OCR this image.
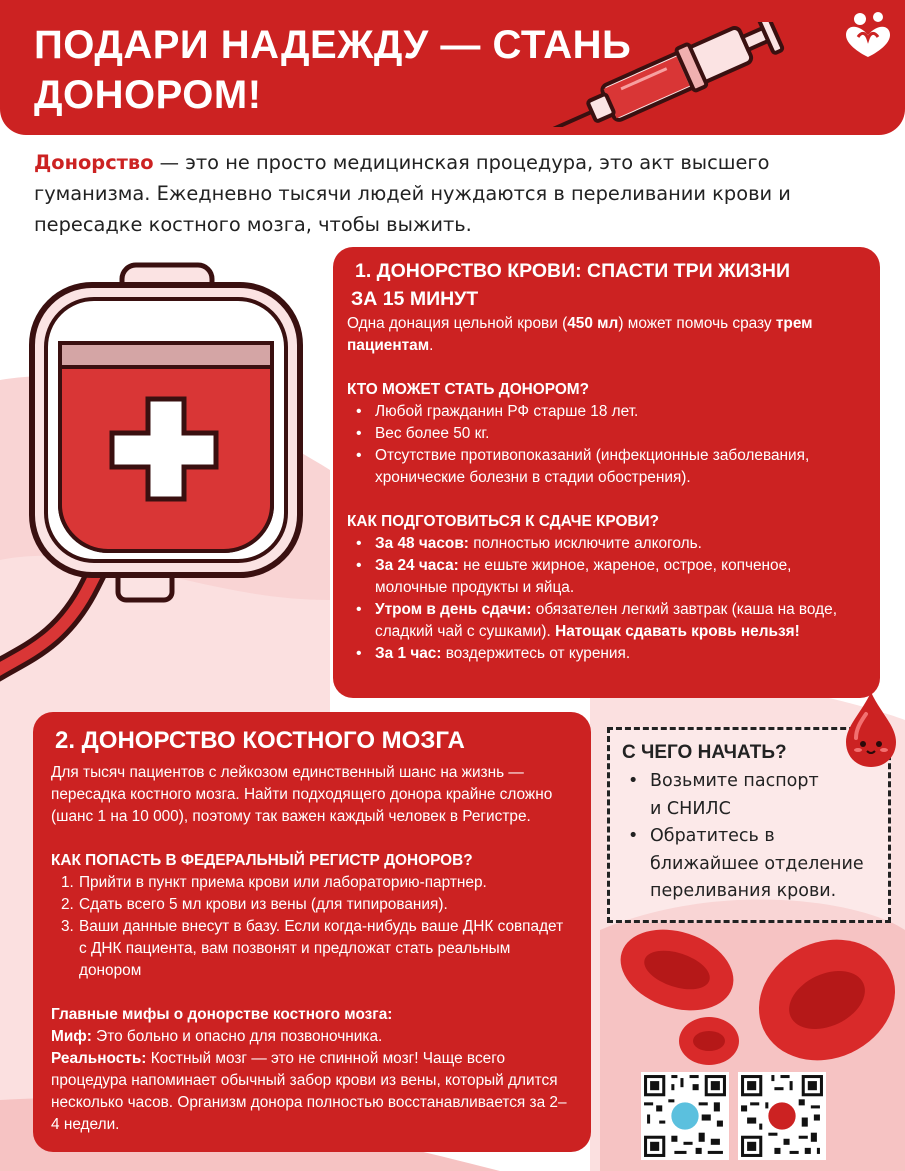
ПОДАРИ НАДЕЖДУ — СТАНЬ
ДОНОРОМ!
Донорство — это не просто медицинская процедура, это акт высшего гуманизма. Ежедневно тысячи людей нуждаются в переливании крови и пересадке костного мозга, чтобы выжить.
1. ДОНОРСТВО КРОВИ: СПАСТИ ТРИ ЖИЗНИ
ЗА 15 МИНУТ
Одна донация цельной крови (450 мл) может помочь сразу трем пациентам.
КТО МОЖЕТ СТАТЬ ДОНОРОМ?
• Любой гражданин РФ старше 18 лет.
• Вес более 50 кг.
• Отсутствие противопоказаний (инфекционные заболевания, хронические болезни в стадии обострения).
КАК ПОДГОТОВИТЬСЯ К СДАЧЕ КРОВИ?
• За 48 часов: полностью исключите алкоголь.
• За 24 часа: не ешьте жирное, жареное, острое, копченое, молочные продукты и яйца.
• Утром в день сдачи: обязателен легкий завтрак (каша на воде, сладкий чай с сушками). Натощак сдавать кровь нельзя!
• За 1 час: воздержитесь от курения.
2. ДОНОРСТВО КОСТНОГО МОЗГА
Для тысяч пациентов с лейкозом единственный шанс на жизнь — пересадка костного мозга. Найти подходящего донора крайне сложно (шанс 1 на 10 000), поэтому так важен каждый человек в Регистре.
КАК ПОПАСТЬ В ФЕДЕРАЛЬНЫЙ РЕГИСТР ДОНОРОВ?
1. Прийти в пункт приема крови или лабораторию-партнер.
2. Сдать всего 5 мл крови из вены (для типирования).
3. Ваши данные внесут в базу. Если когда-нибудь ваше ДНК совпадет с ДНК пациента, вам позвонят и предложат стать реальным донором
Главные мифы о донорстве костного мозга:
Миф: Это больно и опасно для позвоночника.
Реальность: Костный мозг — это не спинной мозг! Чаще всего процедура напоминает обычный забор крови из вены, который длится несколько часов. Организм донора полностью восстанавливается за 2–4 недели.
С ЧЕГО НАЧАТЬ?
• Возьмите паспорт и СНИЛС
• Обратитесь в ближайшее отделение переливания крови.
